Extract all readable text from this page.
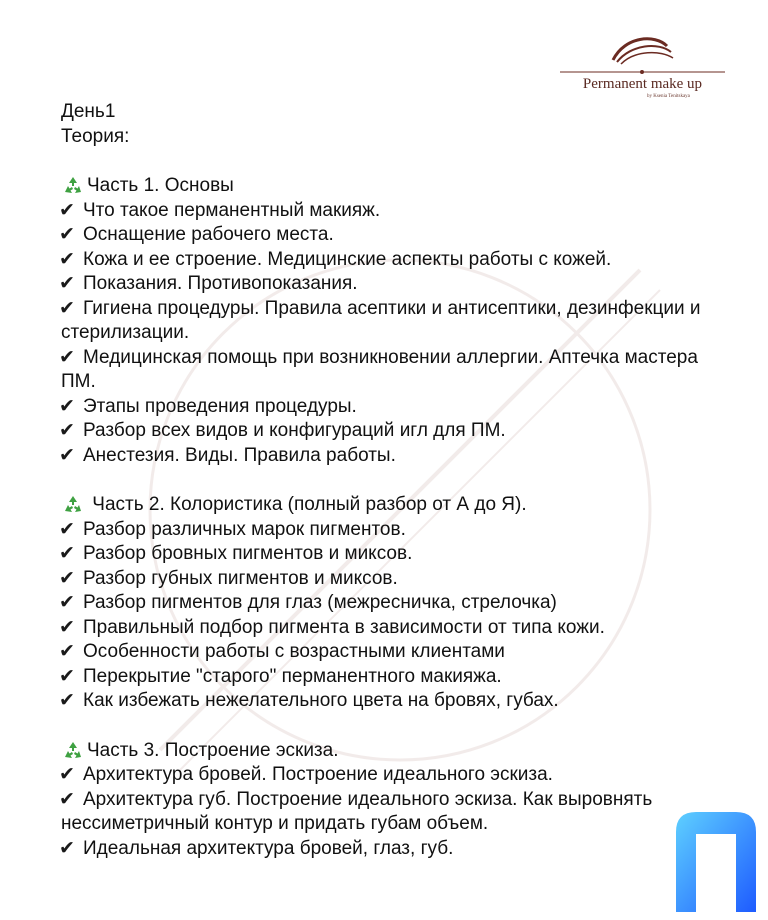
Permanent make up
by Ksenia Tenitskaya
День1
Теория:
Часть 1. Основы
✔ Что такое перманентный макияж.
✔ Оснащение рабочего места.
✔ Кожа и ее строение. Медицинские аспекты работы с кожей.
✔ Показания. Противопоказания.
✔ Гигиена процедуры. Правила асептики и антисептики, дезинфекции и стерилизации.
✔ Медицинская помощь при возникновении аллергии. Аптечка мастера ПМ.
✔ Этапы проведения процедуры.
✔ Разбор всех видов и конфигураций игл для ПМ.
✔ Анестезия. Виды. Правила работы.
Часть 2. Колористика (полный разбор от А до Я).
✔ Разбор различных марок пигментов.
✔ Разбор бровных пигментов и миксов.
✔ Разбор губных пигментов и миксов.
✔ Разбор пигментов для глаз (межресничка, стрелочка)
✔ Правильный подбор пигмента в зависимости от типа кожи.
✔ Особенности работы с возрастными клиентами
✔ Перекрытие "старого" перманентного макияжа.
✔ Как избежать нежелательного цвета на бровях, губах.
Часть 3. Построение эскиза.
✔ Архитектура бровей. Построение идеального эскиза.
✔ Архитектура губ. Построение идеального эскиза. Как выровнять нессиметричный контур и придать губам объем.
✔ Идеальная архитектура бровей, глаз, губ.
